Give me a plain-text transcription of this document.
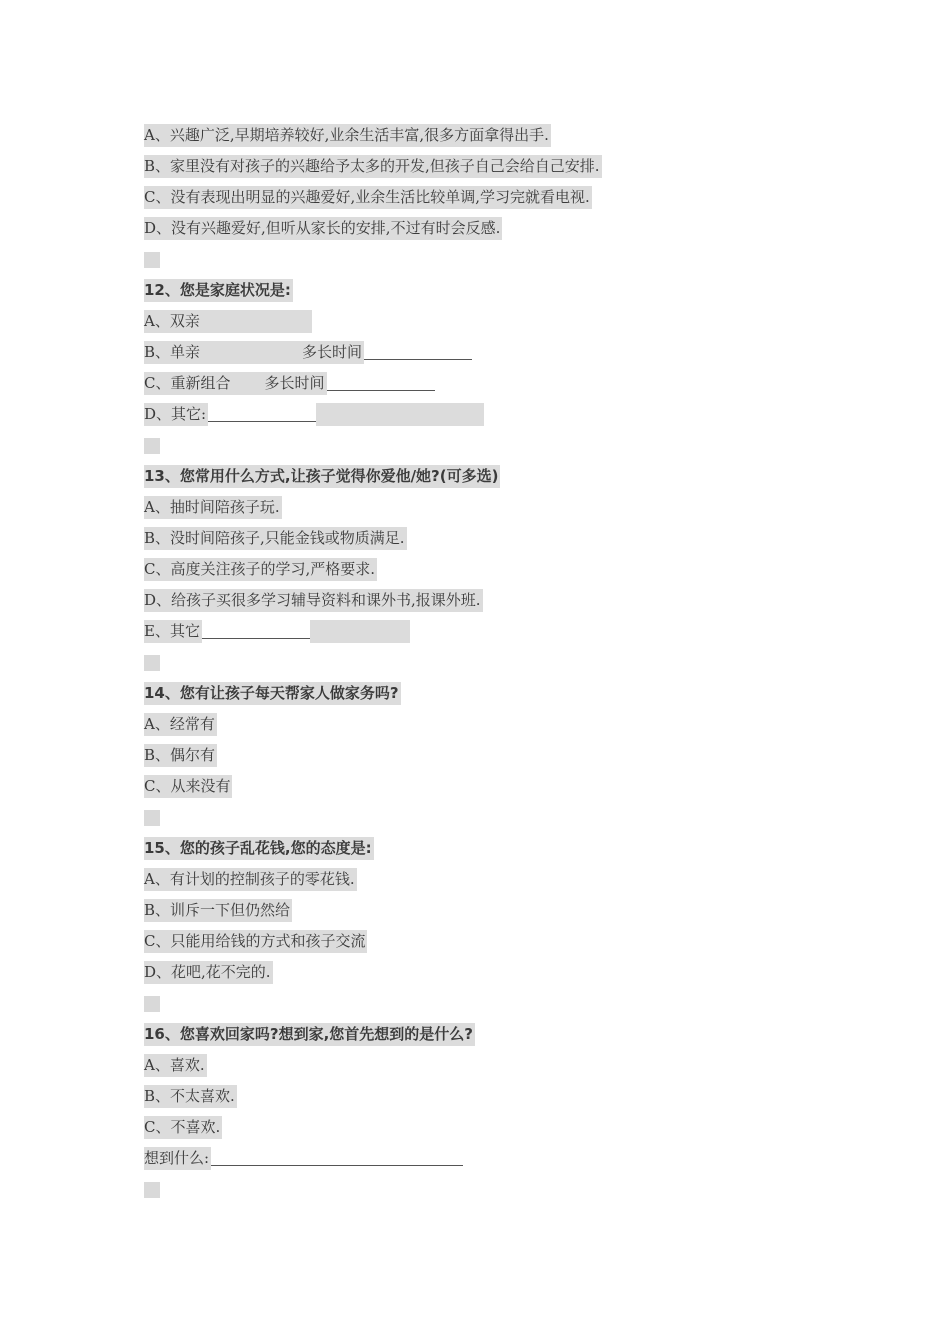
A、兴趣广泛,早期培养较好,业余生活丰富,很多方面拿得出手.
B、家里没有对孩子的兴趣给予太多的开发,但孩子自己会给自己安排.
C、没有表现出明显的兴趣爱好,业余生活比较单调,学习完就看电视.
D、没有兴趣爱好,但听从家长的安排,不过有时会反感.
12、您是家庭状况是:
A、双亲
B、单亲	多长时间
C、重新组合 多长时间
D、其它:
13、您常用什么方式,让孩子觉得你爱他/她?(可多选)
A、抽时间陪孩子玩.
B、没时间陪孩子,只能金钱或物质满足.
C、高度关注孩子的学习,严格要求.
D、给孩子买很多学习辅导资料和课外书,报课外班.
E、其它
14、您有让孩子每天帮家人做家务吗?
A、经常有
B、偶尔有
C、从来没有
15、您的孩子乱花钱,您的态度是:
A、有计划的控制孩子的零花钱.
B、训斥一下但仍然给
C、只能用给钱的方式和孩子交流
D、花吧,花不完的.
16、您喜欢回家吗?想到家,您首先想到的是什么?
A、喜欢.
B、不太喜欢.
C、不喜欢.
想到什么:
